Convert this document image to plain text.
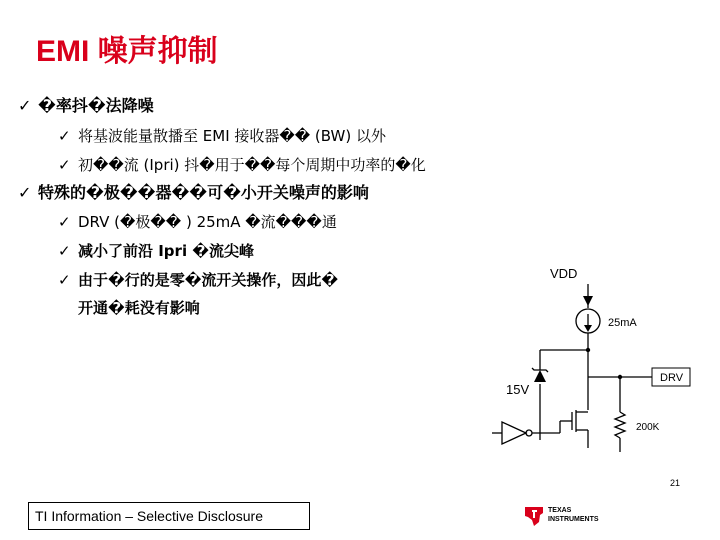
EMI 噪声抑制
✓ �率抖�法降噪
✓ 将基波能量散播至 EMI 接收器�� (BW) 以外
✓ 初��流 (Ipri) 抖�用于��每个周期中功率的�化
✓ 特殊的�极��器��可�小开关噪声的影响
✓ DRV (�极�� ) 25mA �流���通
✓ 减小了前沿 Ipri �流尖峰
✓ 由于�行的是零�流开关操作，因此�
开通�耗没有影响
VDD
25mA
DRV
15V
200K
21
TI Information – Selective Disclosure	TEXAS
INSTRUMENTS
